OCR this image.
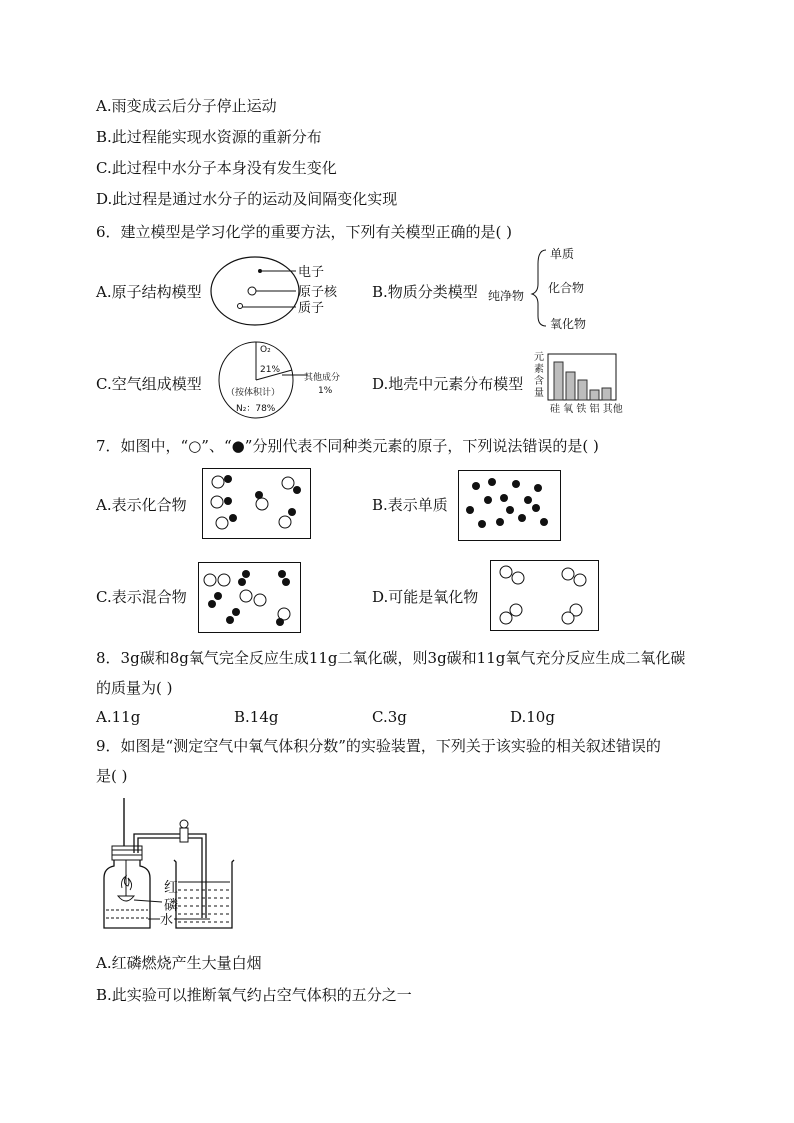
A.雨变成云后分子停止运动
B.此过程能实现水资源的重新分布
C.此过程中水分子本身没有发生变化
D.此过程是通过水分子的运动及间隔变化实现
6．建立模型是学习化学的重要方法，下列有关模型正确的是( )
A.原子结构模型
电子
原子核
质子
B.物质分类模型 纯净物
单质
化合物
氧化物
C.空气组成模型
O₂
21%
其他成分
1%
（按体积计）
N₂：78%
D.地壳中元素分布模型
元
素
含
量
硅 氧 铁 铝 其他
7．如图中，“○”、“●”分别代表不同种类元素的原子，下列说法错误的是( )
A.表示化合物	B.表示单质
C.表示混合物	D.可能是氧化物
8．3g碳和8g氧气完全反应生成11g二氧化碳，则3g碳和11g氧气充分反应生成二氧化碳
的质量为( )
A.11g	B.14g	C.3g	D.10g
9．如图是“测定空气中氧气体积分数”的实验装置，下列关于该实验的相关叙述错误的
是( )
红
磷
水
A.红磷燃烧产生大量白烟
B.此实验可以推断氧气约占空气体积的五分之一
